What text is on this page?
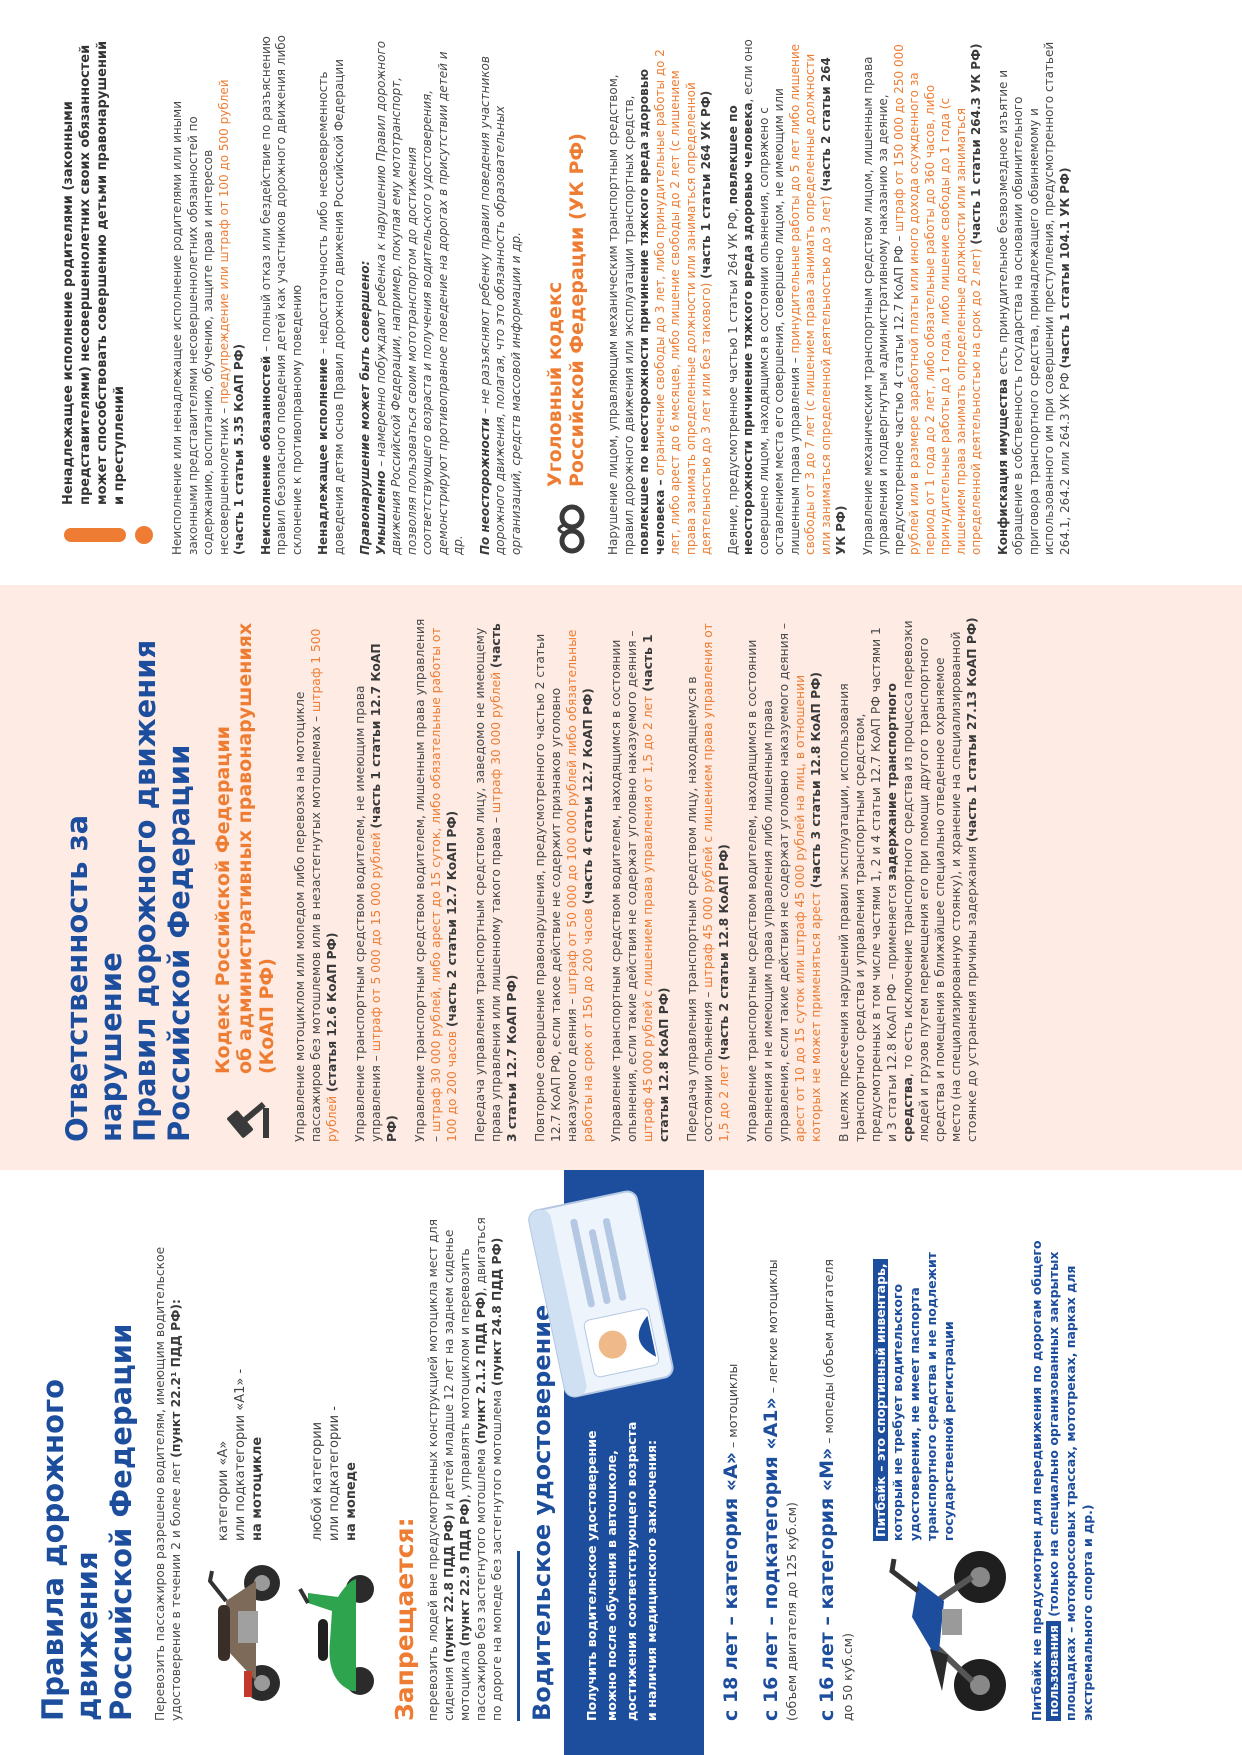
Правила дорожного движения Российской Федерации Перевозить пассажиров разрешено водителям, имеющим водительское удостоверение в течении 2 и более лет (пункт 22.2¹ ПДД РФ):
категории «А» или подкатегории «А1» - на мотоцикле	любой категории или подкатегории - на мопеде
Запрещается: перевозить людей вне предусмотренных конструкцией мотоцикла мест для сидения (пункт 22.8 ПДД РФ) и детей младше 12 лет на заднем сиденье мотоцикла (пункт 22.9 ПДД РФ), управлять мотоциклом и перевозить пассажиров без застегнутого мотошлема (пункт 2.1.2 ПДД РФ), двигаться по дороге на мопеде без застегнутого мотошлема (пункт 24.8 ПДД РФ) Водительское удостоверение Получить водительское удостоверение можно после обучения в автошколе, достижения соответствующего возраста и наличия медицинского заключения:	с 18 лет – категория «А» – мотоциклы с 16 лет – подкатегория «А1» – легкие мотоциклы
(объем двигателя до 125 куб.см) с 16 лет – категория «М» – мопеды (объем двигателя
до 50 куб.см)
Питбайк – это спортивный инвентарь, который не требует водительского удостоверения, не имеет паспорта транспортного средства и не подлежит государственной регистрации	Питбайк не предусмотрен для передвижения по дорогам общего пользования (только на специально организованных закрытых площадках – мотокроссовых трассах, мототреках, парках для экстремального спорта и др.)
Ответственность за нарушение Правил дорожного движения Российской Федерации Кодекс Российской Федерации об административных правонарушениях (КоАП РФ) Управление мотоциклом или мопедом либо перевозка на мотоцикле пассажиров без мотошлемов или в незастегнутых мотошлемах – штраф 1 500 рублей (статья 12.6 КоАП РФ) Управление транспортным средством водителем, не имеющим права управления – штраф от 5 000 до 15 000 рублей (часть 1 статьи 12.7 КоАП РФ) Управление транспортным средством водителем, лишенным права управления – штраф 30 000 рублей, либо арест до 15 суток, либо обязательные работы от 100 до 200 часов (часть 2 статьи 12.7 КоАП РФ) Передача управления транспортным средством лицу, заведомо не имеющему права управления или лишенному такого права – штраф 30 000 рублей (часть 3 статьи 12.7 КоАП РФ) Повторное совершение правонарушения, предусмотренного частью 2 статьи 12.7 КоАП РФ, если такое действие не содержит признаков уголовно наказуемого деяния – штраф от 50 000 до 100 000 рублей либо обязательные работы на срок от 150 до 200 часов (часть 4 статьи 12.7 КоАП РФ) Управление транспортным средством водителем, находящимся в состоянии опьянения, если такие действия не содержат уголовно наказуемого деяния – штраф 45 000 рублей с лишением права управления от 1,5 до 2 лет (часть 1 статьи 12.8 КоАП РФ) Передача управления транспортным средством лицу, находящемуся в состоянии опьянения – штраф 45 000 рублей с лишением права управления от 1,5 до 2 лет (часть 2 статьи 12.8 КоАП РФ) Управление транспортным средством водителем, находящимся в состоянии опьянения и не имеющим права управления либо лишенным права управления, если такие действия не содержат уголовно наказуемого деяния – арест от 10 до 15 суток или штраф 45 000 рублей на лиц, в отношении которых не может применяться арест (часть 3 статьи 12.8 КоАП РФ) В целях пресечения нарушений правил эксплуатации, использования транспортного средства и управления транспортным средством, предусмотренных в том числе частями 1, 2 и 4 статьи 12.7 КоАП РФ частями 1 и 3 статьи 12.8 КоАП РФ – применяется задержание транспортного средства, то есть исключение транспортного средства из процесса перевозки людей и грузов путем перемещения его при помощи другого транспортного средства и помещения в ближайшее специально отведенное охраняемое место (на специализированную стоянку), и хранение на специализированной стоянке до устранения причины задержания (часть 1 статьи 27.13 КоАП РФ)
Ненадлежащее исполнение родителями (законными представителями) несовершеннолетних своих обязанностей может способствовать совершению детьми правонарушений и преступлений	Неисполнение или ненадлежащее исполнение родителями или иными законными представителями несовершеннолетних обязанностей по содержанию, воспитанию, обучению, защите прав и интересов несовершеннолетних – предупреждение или штраф от 100 до 500 рублей (часть 1 статьи 5.35 КоАП РФ) Неисполнение обязанностей – полный отказ или бездействие по разъяснению правил безопасного поведения детей как участников дорожного движения либо склонение к противоправному поведению Ненадлежащее исполнение – недостаточность либо несвоевременность доведения детям основ Правил дорожного движения Российской Федерации Правонарушение может быть совершено: Умышленно – намеренно побуждают ребенка к нарушению Правил дорожного движения Российской Федерации, например, покупая ему мототранспорт, позволяя пользоваться своим мототранспортом до достижения соответствующего возраста и получения водительского удостоверения, демонстрируют противоправное поведение на дорогах в присутствии детей и др. По неосторожности – не разъясняют ребенку правил поведения участников дорожного движения, полагая, что это обязанность образовательных организаций, средств массовой информации и др. Уголовный кодекс Российской Федерации (УК РФ) Нарушение лицом, управляющим механическим транспортным средством, правил дорожного движения или эксплуатации транспортных средств, повлекшее по неосторожности причинение тяжкого вреда здоровью человека – ограничение свободы до 3 лет, либо принудительные работы до 2 лет, либо арест до 6 месяцев, либо лишение свободы до 2 лет (с лишением права занимать определенные должности или заниматься определенной деятельностью до 3 лет или без такового) (часть 1 статьи 264 УК РФ)
Деяние, предусмотренное частью 1 статьи 264 УК РФ, повлекшее по неосторожности причинение тяжкого вреда здоровью человека, если оно совершено лицом, находящимся в состоянии опьянения, сопряжено с оставлением места его совершения, совершено лицом, не имеющим или лишенным права управления – принудительные работы до 5 лет либо лишение свободы от 3 до 7 лет (с лишением права занимать определенные должности или заниматься определенной деятельностью до 3 лет) (часть 2 статьи 264 УК РФ) Управление механическим транспортным средством лицом, лишенным права управления и подвергнутым административному наказанию за деяние, предусмотренное частью 4 статьи 12.7 КоАП РФ – штраф от 150 000 до 250 000 рублей или в размере заработной платы или иного дохода осужденного за период от 1 года до 2 лет, либо обязательные работы до 360 часов, либо принудительные работы до 1 года, либо лишение свободы до 1 года (с лишением права занимать определенные должности или заниматься определенной деятельностью на срок до 2 лет) (часть 1 статьи 264.3 УК РФ)
Конфискация имущества есть принудительное безвозмездное изъятие и обращение в собственность государства на основании обвинительного приговора транспортного средства, принадлежащего обвиняемому и использованного им при совершении преступления, предусмотренного статьей 264.1, 264.2 или 264.3 УК РФ (часть 1 статьи 104.1 УК РФ)
